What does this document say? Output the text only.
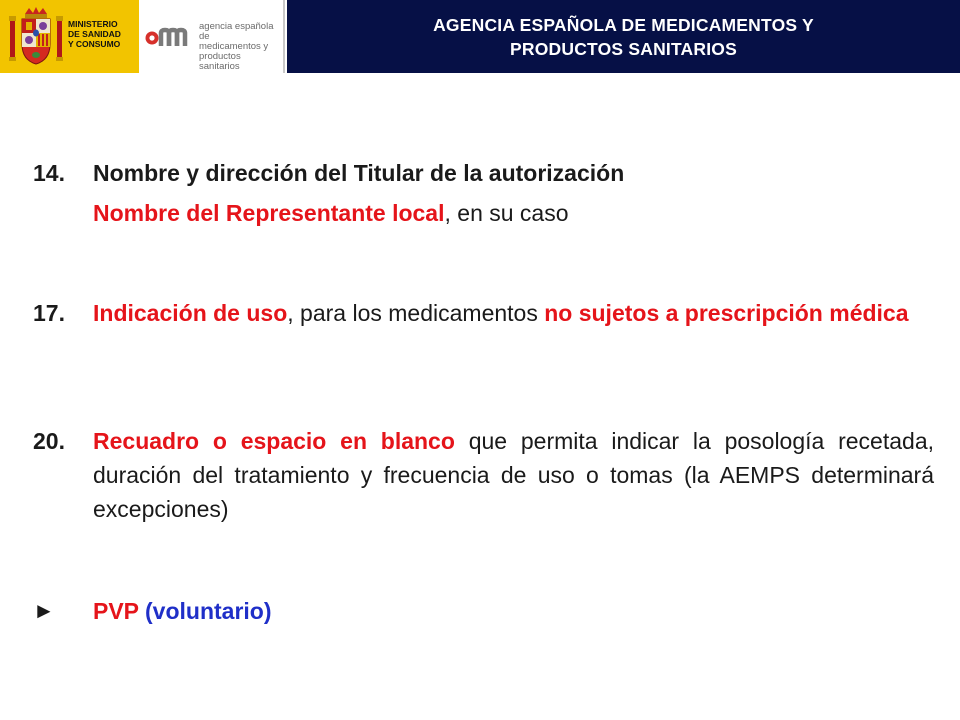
MINISTERIO
DE SANIDAD
Y CONSUMO
agencia española de
medicamentos y
productos sanitarios
AGENCIA ESPAÑOLA DE MEDICAMENTOS Y
PRODUCTOS SANITARIOS
14. Nombre y dirección del Titular de la autorización
Nombre del Representante local, en su caso
17. Indicación de uso, para los medicamentos no sujetos a prescripción médica
20. Recuadro o espacio en blanco que permita indicar la posología recetada, duración del tratamiento y frecuencia de uso o tomas (la AEMPS determinará excepciones)
► PVP (voluntario)
